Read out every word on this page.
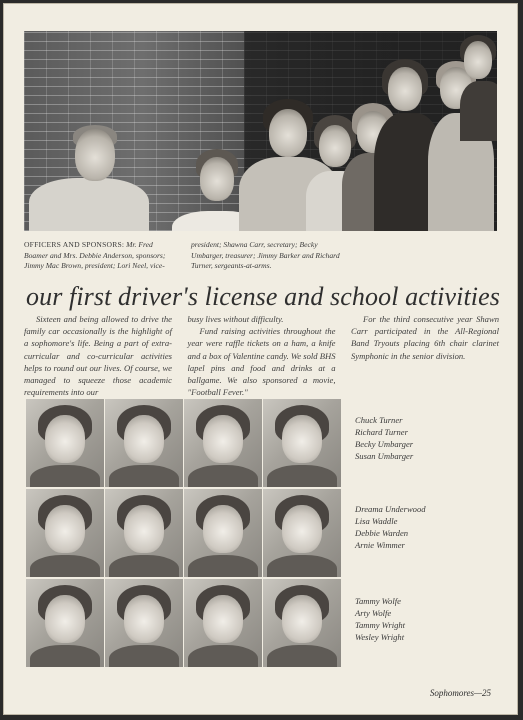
OFFICERS AND SPONSORS: Mr. Fred Boamer and Mrs. Debbie Anderson, sponsors; Jimmy Mac Brown, president; Lori Neel, vice-president; Shawna Carr, secretary; Becky Umbarger, treasurer; Jimmy Barker and Richard Turner, sergeants-at-arms.
our first driver's license and school activities
Sixteen and being allowed to drive the family car occasionally is the highlight of a sophomore's life. Being a part of extra-curricular and co-curricular activities helps to round out our lives. Of course, we managed to squeeze those academic requirements into our
busy lives without difficulty.

Fund raising activities throughout the year were raffle tickets on a ham, a knife and a box of Valentine candy. We sold BHS lapel pins and food and drinks at a ballgame. We also sponsored a movie, "Football Fever."

For the third consecutive year Shawn Carr participated in the All-Regional Band Tryouts placing 6th chair clarinet Symphonic in the senior division.

Chuck Turner
Richard Turner
Becky Umbarger
Susan Umbarger
Dreama Underwood
Lisa Waddle
Debbie Warden
Arnie Wimmer
Tammy Wolfe
Arty Wolfe
Tammy Wright
Wesley Wright
Sophomores—25
